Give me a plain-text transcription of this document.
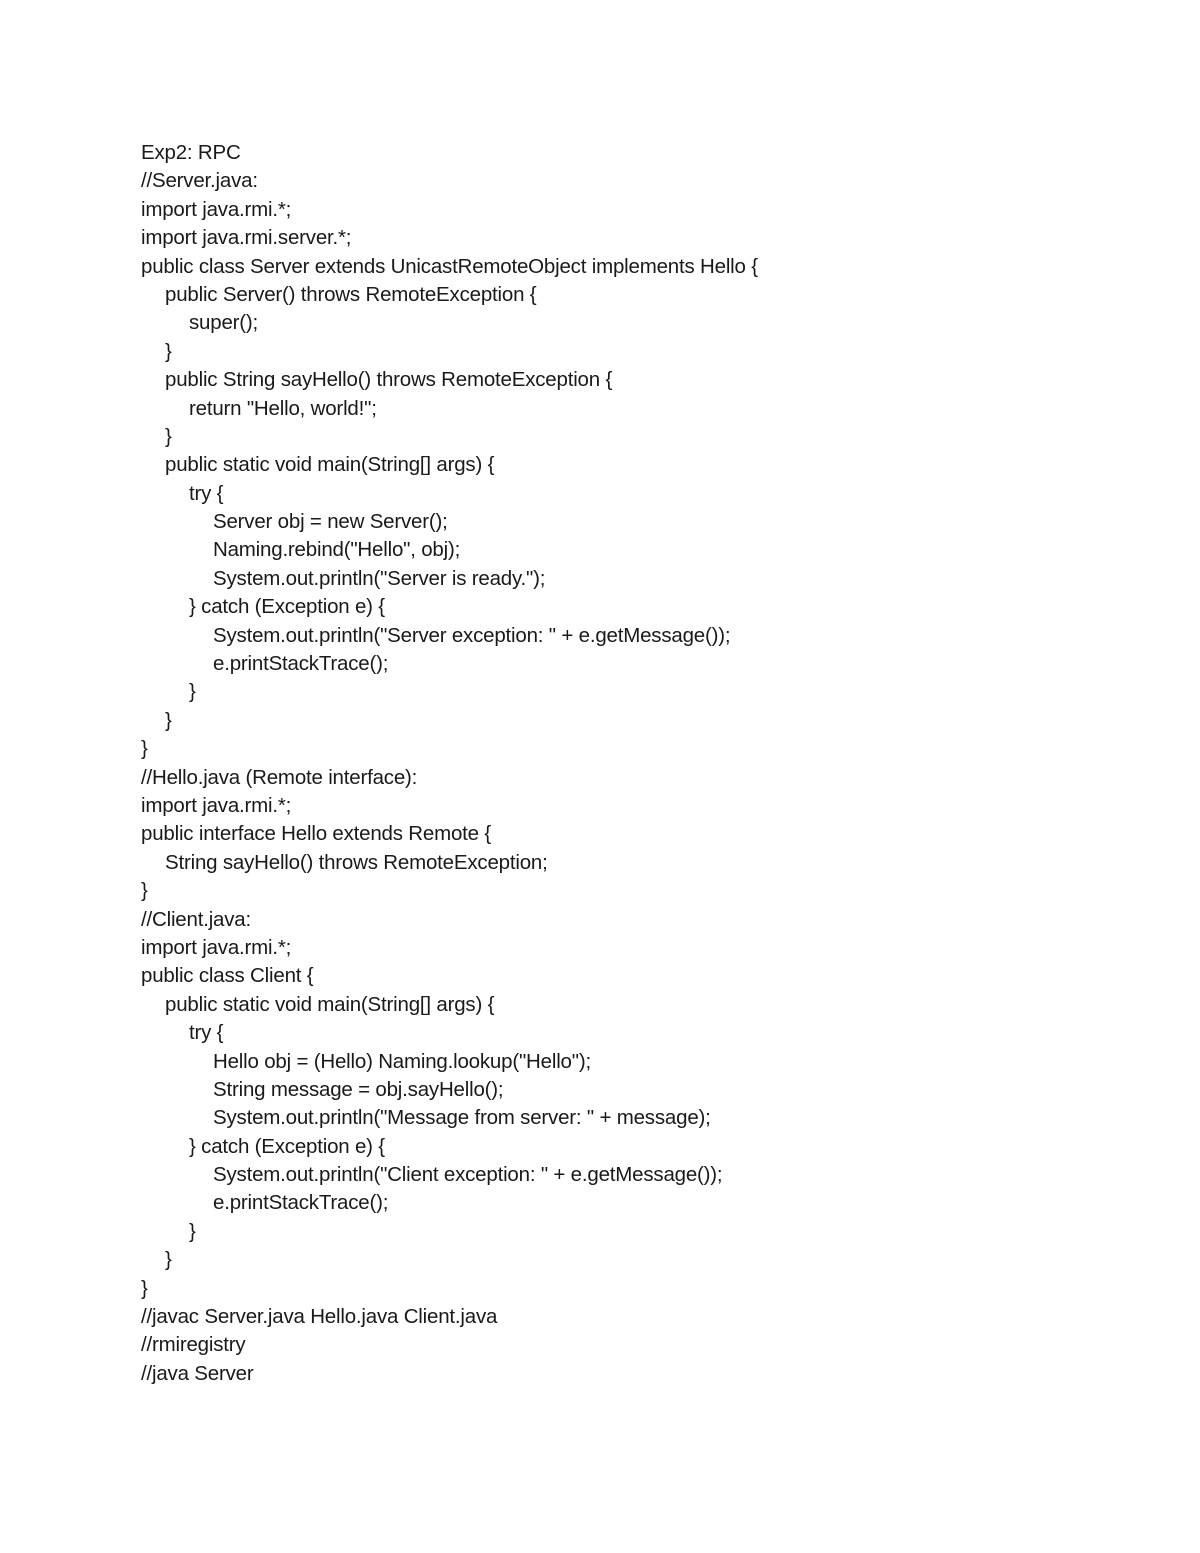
Exp2: RPC
//Server.java:
import java.rmi.*;
import java.rmi.server.*;
public class Server extends UnicastRemoteObject implements Hello {
public Server() throws RemoteException {
super();
}
public String sayHello() throws RemoteException {
return "Hello, world!";
}
public static void main(String[] args) {
try {
Server obj = new Server();
Naming.rebind("Hello", obj);
System.out.println("Server is ready.");
} catch (Exception e) {
System.out.println("Server exception: " + e.getMessage());
e.printStackTrace();
}
}
}
//Hello.java (Remote interface):
import java.rmi.*;
public interface Hello extends Remote {
String sayHello() throws RemoteException;
}
//Client.java:
import java.rmi.*;
public class Client {
public static void main(String[] args) {
try {
Hello obj = (Hello) Naming.lookup("Hello");
String message = obj.sayHello();
System.out.println("Message from server: " + message);
} catch (Exception e) {
System.out.println("Client exception: " + e.getMessage());
e.printStackTrace();
}
}
}
//javac Server.java Hello.java Client.java
//rmiregistry
//java Server
